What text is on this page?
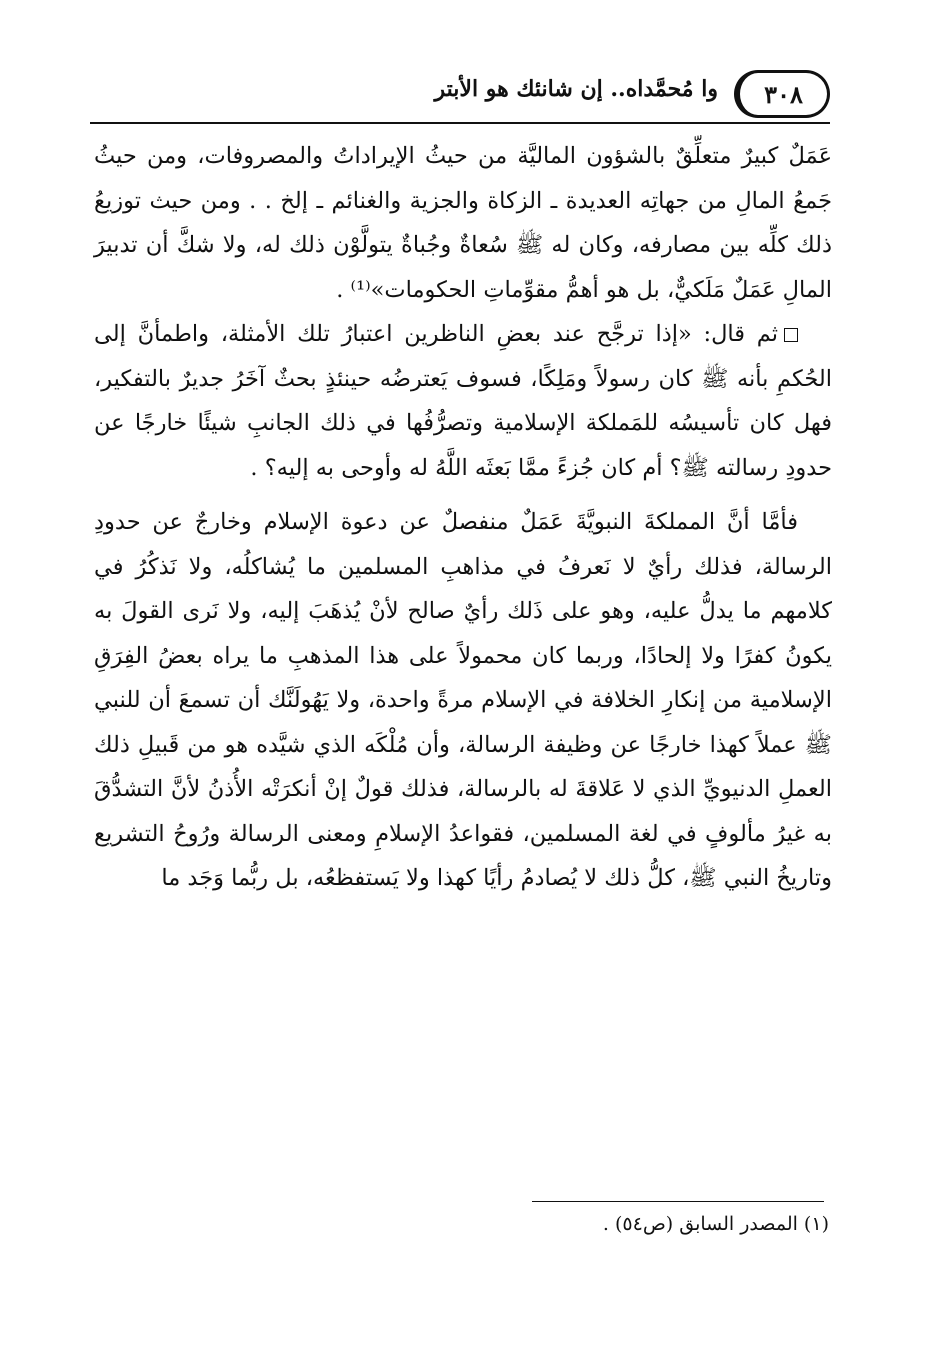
٣٠٨
وا مُحمَّداه.. إن شانئك هو الأبتر

عَمَلٌ كبيرٌ متعلِّقٌ بالشؤون الماليَّة من حيثُ الإيراداتُ والمصروفات، ومن حيثُ جَمعُ المالِ من جهاتِه العديدة ـ الزكاة والجزية والغنائم ـ إلخ . . ومن حيث توزيعُ ذلك كلِّه بين مصارفه، وكان له ﷺ سُعاةٌ وجُباةٌ يتولَّوْن ذلك له، ولا شكَّ أن تدبيرَ المالِ عَمَلٌ مَلَكيٌّ، بل هو أهمُّ مقوِّماتِ الحكومات»⁽¹⁾ .

ثم قال: «إذا ترجَّح عند بعضِ الناظرين اعتبارُ تلك الأمثلة، واطمأنَّ إلى الحُكمِ بأنه ﷺ كان رسولاً ومَلِكًا، فسوف يَعترضُه حينئذٍ بحثٌ آخَرُ جديرٌ بالتفكير، فهل كان تأسيسُه للمَملكة الإسلامية وتصرُّفُها في ذلك الجانبِ شيئًا خارجًا عن حدودِ رسالته ﷺ؟ أم كان جُزءً ممَّا بَعثَه اللَّهُ له وأوحى به إليه؟ .

فأمَّا أنَّ المملكةَ النبويَّةَ عَمَلٌ منفصلٌ عن دعوة الإسلام وخارجٌ عن حدودِ الرسالة، فذلك رأيٌ لا نَعرفُ في مذاهبِ المسلمين ما يُشاكلُه، ولا نَذكُرُ في كلامهم ما يدلُّ عليه، وهو على ذَلك رأيٌ صالح لأنْ يُذهَبَ إليه، ولا نَرى القولَ به يكونُ كفرًا ولا إلحادًا، وربما كان محمولاً على هذا المذهبِ ما يراه بعضُ الفِرَقِ الإسلامية من إنكارِ الخلافة في الإسلام مرةً واحدة، ولا يَهُولَنَّك أن تسمعَ أن للنبي ﷺ عملاً كهذا خارجًا عن وظيفة الرسالة، وأن مُلْكَه الذي شيَّده هو من قَبيلِ ذلك العملِ الدنيويِّ الذي لا عَلاقةَ له بالرسالة، فذلك قولٌ إنْ أنكرَتْه الأُذنُ لأنَّ التشدُّقَ به غيرُ مألوفٍ في لغة المسلمين، فقواعدُ الإسلامِ ومعنى الرسالة ورُوحُ التشريع وتاريخُ النبي ﷺ، كلُّ ذلك لا يُصادمُ رأيًا كهذا ولا يَستفظعُه، بل ربُّما وَجَد ما

(١) المصدر السابق (ص٥٤) .
